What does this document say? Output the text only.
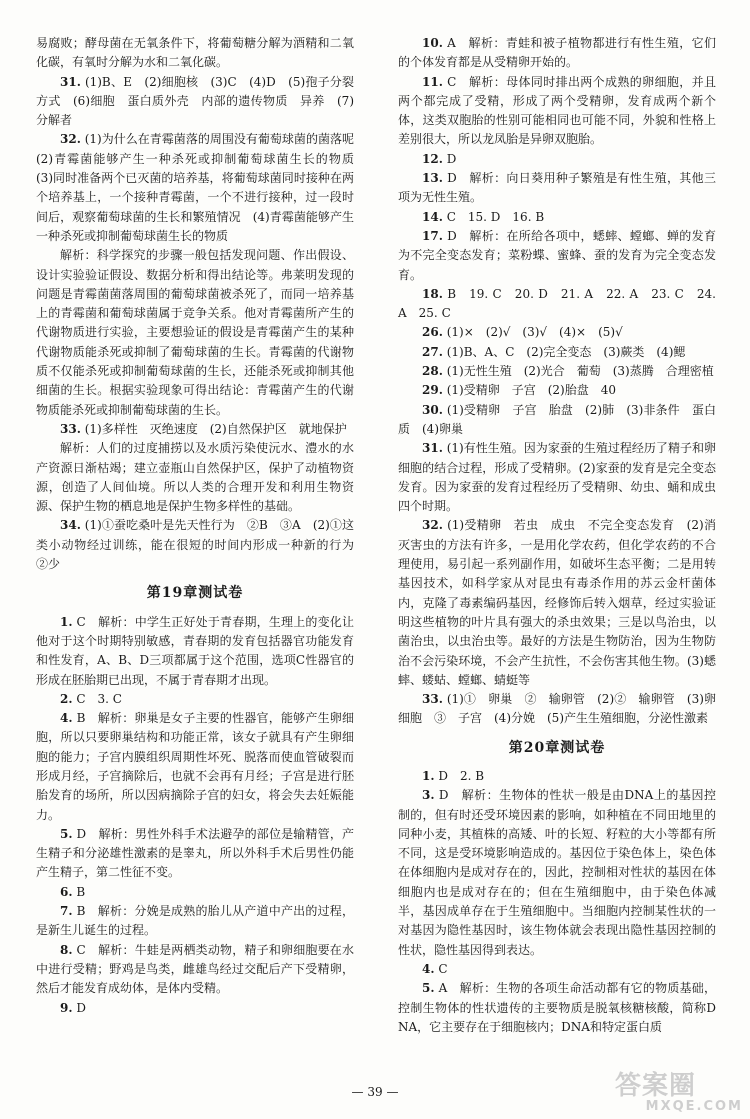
易腐败；酵母菌在无氧条件下，将葡萄糖分解为酒精和二氧化碳，有氧时分解为水和二氧化碳。

31. (1)B、E　(2)细胞核　(3)C　(4)D　(5)孢子分裂方式　(6)细胞　蛋白质外壳　内部的遗传物质　异养　(7)分解者

32. (1)为什么在青霉菌落的周围没有葡萄球菌的菌落呢　(2)青霉菌能够产生一种杀死或抑制葡萄球菌生长的物质　(3)同时准备两个已灭菌的培养基，将葡萄球菌同时接种在两个培养基上，一个接种青霉菌，一个不进行接种，过一段时间后，观察葡萄球菌的生长和繁殖情况　(4)青霉菌能够产生一种杀死或抑制葡萄球菌生长的物质

解析：科学探究的步骤一般包括发现问题、作出假设、设计实验验证假设、数据分析和得出结论等。弗莱明发现的问题是青霉菌菌落周围的葡萄球菌被杀死了，而同一培养基上的青霉菌和葡萄球菌属于竞争关系。他对青霉菌所产生的代谢物质进行实验，主要想验证的假设是青霉菌产生的某种代谢物质能杀死或抑制了葡萄球菌的生长。青霉菌的代谢物质不仅能杀死或抑制葡萄球菌的生长，还能杀死或抑制其他细菌的生长。根据实验现象可得出结论：青霉菌产生的代谢物质能杀死或抑制葡萄球菌的生长。

33. (1)多样性　灭绝速度　(2)自然保护区　就地保护

解析：人们的过度捕捞以及水质污染使沅水、澧水的水产资源日渐枯竭；建立壶瓶山自然保护区，保护了动植物资源，创造了人间仙境。所以人类的合理开发和利用生物资源、保护生物的栖息地是保护生物多样性的基础。

34. (1)①蚕吃桑叶是先天性行为　②B　③A　(2)①这类小动物经过训练，能在很短的时间内形成一种新的行为　②少

第19章测试卷

1. C　解析：中学生正好处于青春期，生理上的变化让他对于这个时期特别敏感，青春期的发育包括器官功能发育和性发育，A、B、D三项都属于这个范围，选项C性器官的形成在胚胎期已出现，不属于青春期才出现。

2. C　3. C

4. B　解析：卵巢是女子主要的性器官，能够产生卵细胞，所以只要卵巢结构和功能正常，该女子就具有产生卵细胞的能力；子宫内膜组织周期性坏死、脱落而使血管破裂而形成月经，子宫摘除后，也就不会再有月经；子宫是进行胚胎发育的场所，所以因病摘除子宫的妇女，将会失去妊娠能力。

5. D　解析：男性外科手术法避孕的部位是输精管，产生精子和分泌雄性激素的是睾丸，所以外科手术后男性仍能产生精子，第二性征不变。

6. B

7. B　解析：分娩是成熟的胎儿从产道中产出的过程，是新生儿诞生的过程。

8. C　解析：牛蛙是两栖类动物，精子和卵细胞要在水中进行受精；野鸡是鸟类，雌雄鸟经过交配后产下受精卵，然后才能发育成幼体，是体内受精。

9. D

10. A　解析：青蛙和被子植物都进行有性生殖，它们的个体发育都是从受精卵开始的。

11. C　解析：母体同时排出两个成熟的卵细胞，并且两个都完成了受精，形成了两个受精卵，发育成两个新个体，这类双胞胎的性别可能相同也可能不同，外貌和性格上差别很大，所以龙凤胎是异卵双胞胎。

12. D

13. D　解析：向日葵用种子繁殖是有性生殖，其他三项为无性生殖。

14. C　15. D　16. B

17. D　解析：在所给各项中，蟋蟀、螳螂、蝉的发育为不完全变态发育；菜粉蝶、蜜蜂、蚕的发育为完全变态发育。

18. B　19. C　20. D　21. A　22. A　23. C　24. A　25. C

26. (1)×　(2)√　(3)√　(4)×　(5)√

27. (1)B、A、C　(2)完全变态　(3)蕨类　(4)鳃

28. (1)无性生殖　(2)光合　葡萄　(3)蒸腾　合理密植

29. (1)受精卵　子宫　(2)胎盘　40

30. (1)受精卵　子宫　胎盘　(2)肺　(3)非条件　蛋白质　(4)卵巢

31. (1)有性生殖。因为家蚕的生殖过程经历了精子和卵细胞的结合过程，形成了受精卵。(2)家蚕的发育是完全变态发育。因为家蚕的发育过程经历了受精卵、幼虫、蛹和成虫四个时期。

32. (1)受精卵　若虫　成虫　不完全变态发育　(2)消灭害虫的方法有许多，一是用化学农药，但化学农药的不合理使用，易引起一系列副作用，如破坏生态平衡；二是用转基因技术，如科学家从对昆虫有毒杀作用的苏云金杆菌体内，克隆了毒素编码基因，经修饰后转入烟草，经过实验证明这些植物的叶片具有强大的杀虫效果；三是以鸟治虫，以菌治虫，以虫治虫等。最好的方法是生物防治，因为生物防治不会污染环境，不会产生抗性，不会伤害其他生物。(3)蟋蟀、蝼蛄、螳螂、蜻蜓等

33. (1)①　卵巢　②　输卵管　(2)②　输卵管　(3)卵细胞　③　子宫　(4)分娩　(5)产生生殖细胞，分泌性激素

第20章测试卷

1. D　2. B

3. D　解析：生物体的性状一般是由DNA上的基因控制的，但有时还受环境因素的影响，如种植在不同田地里的同种小麦，其植株的高矮、叶的长短、籽粒的大小等都有所不同，这是受环境影响造成的。基因位于染色体上，染色体在体细胞内是成对存在的，因此，控制相对性状的基因在体细胞内也是成对存在的；但在生殖细胞中，由于染色体减半，基因成单存在于生殖细胞中。当细胞内控制某性状的一对基因为隐性基因时，该生物体就会表现出隐性基因控制的性状，隐性基因得到表达。

4. C

5. A　解析：生物的各项生命活动都有它的物质基础，控制生物体的性状遗传的主要物质是脱氧核糖核酸，简称DNA，它主要存在于细胞核内；DNA和特定蛋白质

— 39 —	答案圈
MXQE.COM
